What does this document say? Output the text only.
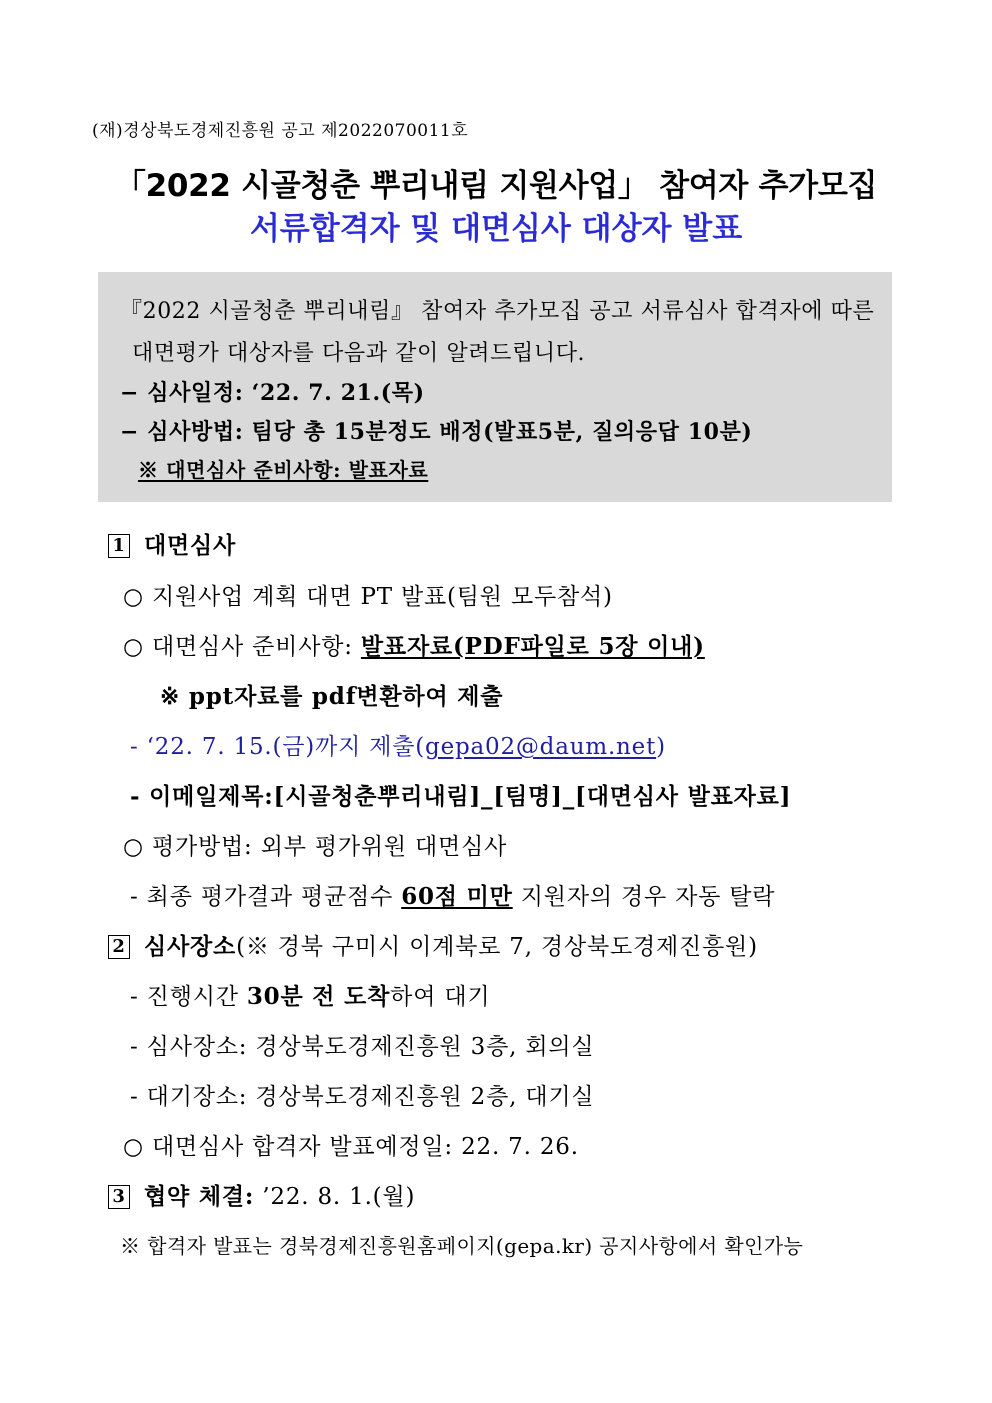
(재)경상북도경제진흥원 공고 제2022070011호
「2022 시골청춘 뿌리내림 지원사업」 참여자 추가모집
서류합격자 및 대면심사 대상자 발표
『2022 시골청춘 뿌리내림』 참여자 추가모집 공고 서류심사 합격자에 따른
대면평가 대상자를 다음과 같이 알려드립니다.
− 심사일정: ‘22. 7. 21.(목)
− 심사방법: 팀당 총 15분정도 배정(발표5분, 질의응답 10분)
※ 대면심사 준비사항: 발표자료
1 대면심사
○ 지원사업 계획 대면 PT 발표(팀원 모두참석)
○ 대면심사 준비사항: 발표자료(PDF파일로 5장 이내)
※ ppt자료를 pdf변환하여 제출
- ‘22. 7. 15.(금)까지 제출(gepa02@daum.net)
- 이메일제목:[시골청춘뿌리내림]_[팀명]_[대면심사 발표자료]
○ 평가방법: 외부 평가위원 대면심사
- 최종 평가결과 평균점수 60점 미만 지원자의 경우 자동 탈락
2 심사장소(※ 경북 구미시 이계북로 7, 경상북도경제진흥원)
- 진행시간 30분 전 도착하여 대기
- 심사장소: 경상북도경제진흥원 3층, 회의실
- 대기장소: 경상북도경제진흥원 2층, 대기실
○ 대면심사 합격자 발표예정일: 22. 7. 26.
3 협약 체결: ’22. 8. 1.(월)
※ 합격자 발표는 경북경제진흥원홈페이지(gepa.kr) 공지사항에서 확인가능
